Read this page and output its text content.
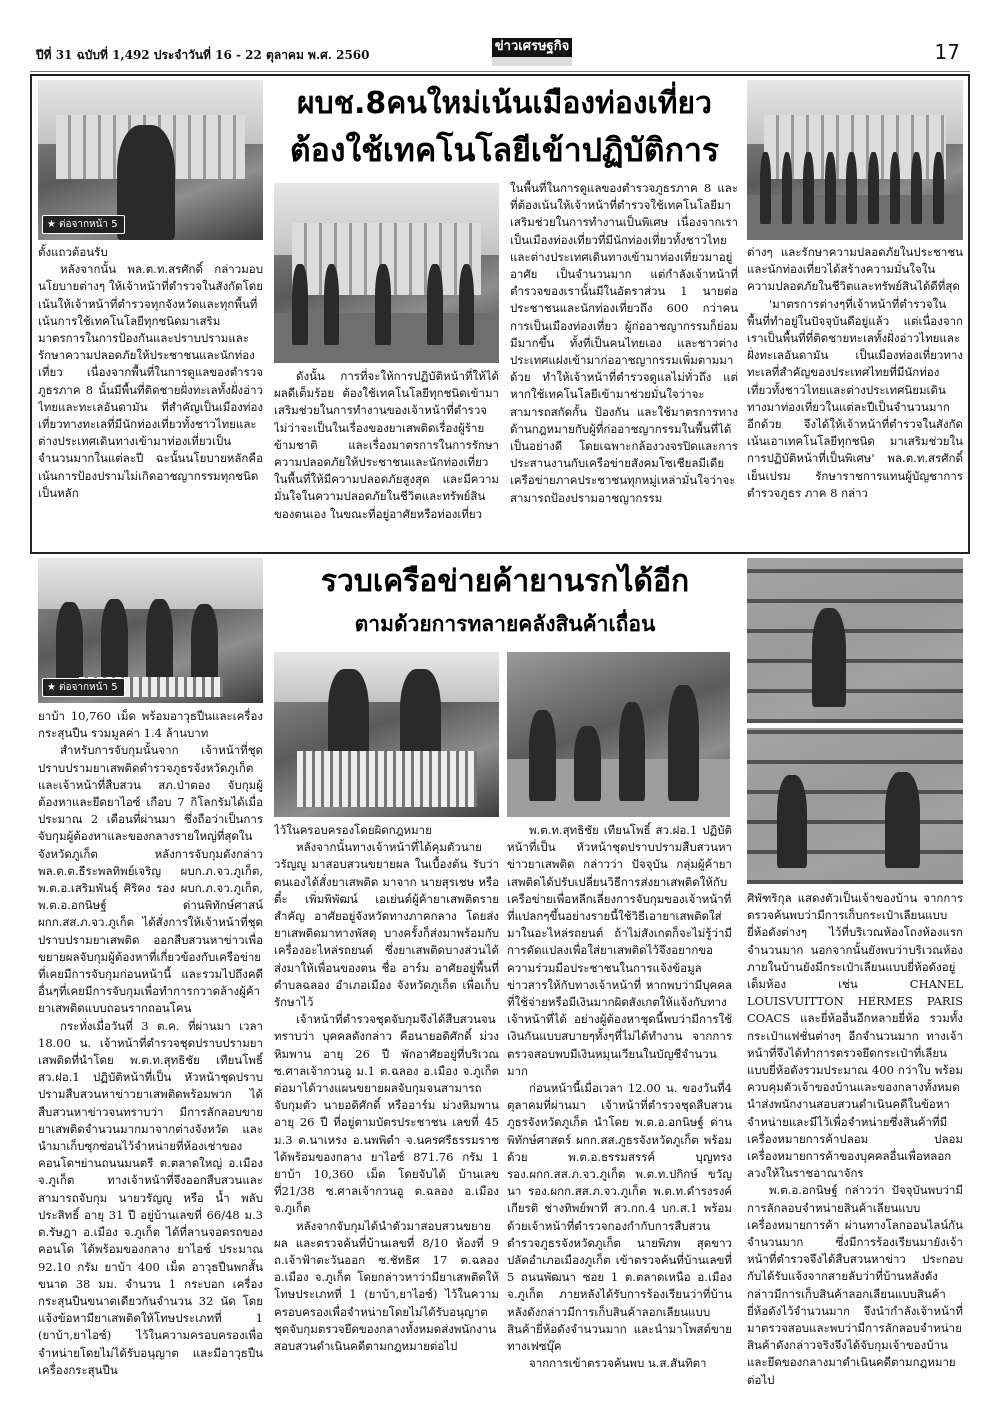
ปีที่ 31 ฉบับที่ 1,492 ประจำวันที่ 16 - 22 ตุลาคม พ.ศ. 2560
ข่าวเศรษฐกิจ	17
★ ต่อจากหน้า 5
ผบช.8คนใหม่เน้นเมืองท่องเที่ยว
ต้องใช้เทคโนโลยีเข้าปฏิบัติการ

ตั้งแถวต้อนรับ

หลังจากนั้น พล.ต.ท.สรศักดิ์ กล่าวมอบนโยบายต่างๆ ให้เจ้าหน้าที่ตำรวจในสังกัดโดยเน้นให้เจ้าหน้าที่ตำรวจทุกจังหวัดและทุกพื้นที่เน้นการใช้เทคโนโลยีทุกชนิดมาเสริมมาตรการในการป้องกันและปราบปรามและรักษาความปลอดภัยให้ประชาชนและนักท่องเที่ยว เนื่องจากพื้นที่ในการดูแลของตำรวจภูธรภาค 8 นั้นมีพื้นที่ติดชายฝั่งทะเลทั้งฝั่งอ่าวไทยและทะเลอันดามัน ที่สำคัญเป็นเมืองท่องเที่ยวทางทะเลที่มีนักท่องเที่ยวทั้งชาวไทยและต่างประเทศเดินทางเข้ามาท่องเที่ยวเป็นจำนวนมากในแต่ละปี ฉะนั้นนโยบายหลักคือเน้นการป้องปรามไม่เกิดอาชญากรรมทุกชนิดเป็นหลัก

ดังนั้น การที่จะให้การปฏิบัติหน้าที่ให้ได้ผลดีเต็มร้อย ต้องใช้เทคโนโลยีทุกชนิดเข้ามาเสริมช่วยในการทำงานของเจ้าหน้าที่ตำรวจ ไม่ว่าจะเป็นในเรื่องของยาเสพติดเรื่องผู้ร้ายข้ามชาติ และเรื่องมาตรการในการรักษาความปลอดภัยให้ประชาชนและนักท่องเที่ยวในพื้นที่ให้มีความปลอดภัยสูงสุด และมีความมั่นใจในความปลอดภัยในชีวิตและทรัพย์สินของตนเอง ในขณะที่อยู่อาศัยหรือท่องเที่ยว

ในพื้นที่ในการดูแลของตำรวจภูธรภาค 8 และที่ต้องเน้นให้เจ้าหน้าที่ตำรวจใช้เทคโนโลยีมาเสริมช่วยในการทำงานเป็นพิเศษ เนื่องจากเราเป็นเมืองท่องเที่ยวที่มีนักท่องเที่ยวทั้งชาวไทยและต่างประเทศเดินทางเข้ามาท่องเที่ยวมาอยู่อาศัย เป็นจำนวนมาก แต่กำลังเจ้าหน้าที่ตำรวจของเรานั้นมีในอัตราส่วน 1 นายต่อประชาชนและนักท่องเที่ยวถึง 600 กว่าคน การเป็นเมืองท่องเที่ยว ผู้ก่ออาชญากรรมก็ย่อมมีมากขึ้น ทั้งที่เป็นคนไทยเอง และชาวต่างประเทศแฝงเข้ามาก่ออาชญากรรมเพิ่มตามมาด้วย ทำให้เจ้าหน้าที่ตำรวจดูแลไม่ทั่วถึง แต่หากใช้เทคโนโลยีเข้ามาช่วยมั่นใจว่าจะสามารถสกัดกั้น ป้องกัน และใช้มาตรการทางด้านกฎหมายกับผู้ที่ก่ออาชญากรรมในพื้นที่ได้เป็นอย่างดี โดยเฉพาะกล้องวงจรปิดและการประสานงานกับเครือข่ายสังคมโซเชียลมีเดีย เครือข่ายภาคประชาชนทุกหมู่เหล่ามั่นใจว่าจะสามารถป้องปรามอาชญากรรม

ต่างๆ และรักษาความปลอดภัยในประชาชนและนักท่องเที่ยวได้สร้างความมั่นใจในความปลอดภัยในชีวิตและทรัพย์สินได้ดีที่สุด

'มาตรการต่างๆที่เจ้าหน้าที่ตำรวจในพื้นที่ทำอยู่ในปัจจุบันดีอยู่แล้ว แต่เนื่องจากเราเป็นพื้นที่ที่ติดชายทะเลทั้งฝั่งอ่าวไทยและฝั่งทะเลอันดามัน เป็นเมืองท่องเที่ยวทางทะเลที่สำคัญของประเทศไทยที่มีนักท่องเที่ยวทั้งชาวไทยและต่างประเทศนิยมเดินทางมาท่องเที่ยวในแต่ละปีเป็นจำนวนมากอีกด้วย จึงได้ให้เจ้าหน้าที่ตำรวจในสังกัดเน้นเอาเทคโนโลยีทุกชนิด มาเสริมช่วยในการปฏิบัติหน้าที่เป็นพิเศษ' พล.ต.ท.สรศักดิ์ เย็นเปรม รักษาราชการแทนผู้บัญชาการตำรวจภูธร ภาค 8 กล่าว

★ ต่อจากหน้า 5
รวบเครือข่ายค้ายานรกได้อีก
ตามด้วยการทลายคลังสินค้าเถื่อน

ยาบ้า 10,760 เม็ด พร้อมอาวุธปืนและเครื่องกระสุนปืน รวมมูลค่า 1.4 ล้านบาท

สำหรับการจับกุมนั้นจาก เจ้าหน้าที่ชุดปราบปรามยาเสพติดตำรวจภูธรจังหวัดภูเก็ตและเจ้าหน้าที่สืบสวน สภ.ป่าตอง จับกุมผู้ต้องหาและยึดยาไอซ์ เกือบ 7 กิโลกรัมได้เมื่อประมาณ 2 เดือนที่ผ่านมา ซึ่งถือว่าเป็นการจับกุมผู้ต้องหาและของกลางรายใหญ่ที่สุดในจังหวัดภูเก็ต หลังการจับกุมดังกล่าว พล.ต.ต.ธีระพลทิพย์เจริญ ผบก.ภ.จว.ภูเก็ต, พ.ต.อ.เสริมพันธุ์ ศิริคง รอง ผบก.ภ.จว.ภูเก็ต, พ.ต.อ.อกนิษฐ์ ด่านพิทักษ์ศาสน์ ผกก.สส.ภ.จว.ภูเก็ต ได้สั่งการให้เจ้าหน้าที่ชุดปราบปรามยาเสพติด ออกสืบสวนหาข่าวเพื่อขยายผลจับกุมผู้ต้องหาที่เกี่ยวข้องกับเครือข่ายที่เคยมีการจับกุมก่อนหน้านี้ และรวมไปถึงคดีอื่นๆที่เคยมีการจับกุมเพื่อทำการกวาดล้างผู้ค้ายาเสพติดแบบถอนรากถอนโคน

กระทั่งเมื่อวันที่ 3 ต.ค. ที่ผ่านมา เวลา 18.00 น. เจ้าหน้าที่ตำรวจชุดปราบปรามยาเสพติดที่นำโดย พ.ต.ท.สุทธิชัย เทียนโพธิ์ สว.ฝอ.1 ปฏิบัติหน้าที่เป็น หัวหน้าชุดปราบปรามสืบสวนหาข่าวยาเสพติดพร้อมพวก ได้สืบสวนหาข่าวจนทราบว่า มีการลักลอบขายยาเสพติดจำนวนมากมาจากต่างจังหวัด และนำมาเก็บซุกซ่อนไว้จำหน่ายที่ห้องเช่าของคอนโดฯย่านถนนมนตรี ต.ตลาดใหญ่ อ.เมือง จ.ภูเก็ต ทางเจ้าหน้าที่จึงออกสืบสวนและสามารถจับกุม นายวรัญญู หรือ น้ำ พลับประสิทธิ์ อายุ 31 ปี อยู่บ้านเลขที่ 66/48 ม.3 ต.รัษฎา อ.เมือง จ.ภูเก็ต ได้ที่ลานจอดรถของคอนโด ได้พร้อมของกลาง ยาไอซ์ ประมาณ 92.10 กรัม ยาบ้า 400 เม็ด อาวุธปืนพกสั้นขนาด 38 มม. จำนวน 1 กระบอก เครื่องกระสุนปืนขนาดเดียวกันจำนวน 32 นัด โดยแจ้งข้อหามียาเสพติดให้โทษประเภทที่ 1 (ยาบ้า,ยาไอซ์) ไว้ในความครอบครองเพื่อจำหน่ายโดยไม่ได้รับอนุญาต และมีอาวุธปืน เครื่องกระสุนปืน

ไว้ในครอบครองโดยผิดกฎหมาย

หลังจากนั้นทางเจ้าหน้าที่ได้คุมตัวนายวรัญญู มาสอบสวนขยายผล ในเบื้องต้น รับว่าตนเองได้สั่งยาเสพติด มาจาก นายสุรเชษ หรือ ตี๋ะ เพิ่มพิพัฒน์ เอเย่นต์ผู้ค้ายาเสพติดรายสำคัญ อาศัยอยู่จังหวัดทางภาคกลาง โดยส่งยาเสพติดมาทางพัสดุ บางครั้งก็ส่งมาพร้อมกับเครื่องอะไหล่รถยนต์ ซึ่งยาเสพติดบางส่วนได้ส่งมาให้เพื่อนของตน ชื่อ อาร์ม อาศัยอยู่พื้นที่ตำบลฉลอง อำเภอเมือง จังหวัดภูเก็ต เพื่อเก็บรักษาไว้

เจ้าหน้าที่ตำรวจชุดจับกุมจึงได้สืบสวนจนทราบว่า บุคคลดังกล่าว คือนายอดิศักดิ์ ม่วงหิมพาน อายุ 26 ปี พักอาศัยอยู่ที่บริเวณ ซ.ศาลเจ้ากวนอู ม.1 ต.ฉลอง อ.เมือง จ.ภูเก็ต ต่อมาได้วางแผนขยายผลจับกุมจนสามารถจับกุมตัว นายอดิศักดิ์ หรืออาร์ม ม่วงหิมพาน อายุ 26 ปี ที่อยู่ตามบัตรประชาชน เลขที่ 45 ม.3 ต.นาเหรง อ.นพพิตำ จ.นครศรีธรรมราช ได้พร้อมของกลาง ยาไอซ์ 871.76 กรัม 1 ยาบ้า 10,360 เม็ด โดยจับได้ บ้านเลขที่21/38 ซ.ศาลเจ้ากวนอู ต.ฉลอง อ.เมือง จ.ภูเก็ต

หลังจากจับกุมได้นำตัวมาสอบสวนขยายผล และตรวจค้นที่บ้านเลขที่ 8/10 ห้องที่ 9 ถ.เจ้าฟ้าตะวันออก ซ.ชัทธิศ 17 ต.ฉลอง อ.เมือง จ.ภูเก็ต โดยกล่าวหาว่ามียาเสพติดให้โทษประเภทที่ 1 (ยาบ้า,ยาไอซ์) ไว้ในความครอบครองเพื่อจำหน่ายโดยไม่ได้รับอนุญาต ชุดจับกุมตรวจยึดของกลางทั้งหมดส่งพนักงานสอบสวนดำเนินคดีตามกฎหมายต่อไป

พ.ต.ท.สุทธิชัย เทียนโพธิ์ สว.ฝอ.1 ปฏิบัติหน้าที่เป็น หัวหน้าชุดปราบปรามสืบสวนหาข่าวยาเสพติด กล่าวว่า ปัจจุบัน กลุ่มผู้ค้ายาเสพติดได้ปรับเปลี่ยนวิธีการส่งยาเสพติดให้กับเครือข่ายเพื่อหลีกเลี่ยงการจับกุมของเจ้าหน้าที่ที่แปลกๆขึ้นอย่างรายนี้ใช้วิธีเอายาเสพติดใส่มาในอะไหล่รถยนต์ ถ้าไม่สังเกตก็จะไม่รู้ว่ามีการดัดแปลงเพื่อใส่ยาเสพติดไว้จึงอยากขอความร่วมมือประชาชนในการแจ้งข้อมูลข่าวสารให้กับทางเจ้าหน้าที่ หากพบว่ามีบุคคลที่ใช้จ่ายหรือมีเงินมากผิดสังเกตให้แจ้งกับทางเจ้าหน้าที่ได้ อย่างผู้ต้องหาชุดนี้พบว่ามีการใช้เงินกันแบบสบายๆทั้งๆที่ไม่ได้ทำงาน จากการตรวจสอบพบมีเงินหมุนเวียนในบัญชีจำนวนมาก

ก่อนหน้านี้เมื่อเวลา 12.00 น. ของวันที่4 ตุลาคมที่ผ่านมา เจ้าหน้าที่ตำรวจชุดสืบสวนภูธรจังหวัดภูเก็ต นำโดย พ.ต.อ.อกนิษฐ์ ด่านพิทักษ์ศาสตร์ ผกก.สส.ภูธรจังหวัดภูเก็ต พร้อมด้วย พ.ต.อ.ธรรมสรรค์ บุญทรง รอง.ผกก.สส.ภ.จว.ภูเก็ต พ.ต.ท.ปกิกษ์ ขวัญนา รอง.ผกก.สส.ภ.จว.ภูเก็ต พ.ต.ท.ดำรงรงค์เกียรติ ช่างทิพย์พาที สว.กก.4 บก.ส.1 พร้อมด้วยเจ้าหน้าที่ตำรวจกองกำกับการสืบสวนตำรวจภูธรจังหวัดภูเก็ต นายพิภพ สุดขาว ปลัดอำเภอเมืองภูเก็ต เข้าตรวจค้นที่บ้านเลขที่ 5 ถนนพัฒนา ซอย 1 ต.ตลาดเหนือ อ.เมือง จ.ภูเก็ต ภายหลังได้รับการร้องเรียนว่าที่บ้านหลังดังกล่าวมีการเก็บสินค้าลอกเลียนแบบสินค้ายี่ห้อดังจำนวนมาก และนำมาโพสต์ขายทางเฟซบุ๊ค

จากการเข้าตรวจค้นพบ น.ส.สันทิตา

ศิพัฑริกุล แสดงตัวเป็นเจ้าของบ้าน จากการตรวจค้นพบว่ามีการเก็บกระเป๋าเลียนแบบยี่ห้อดังต่างๆ ไว้ที่บริเวณห้องโถงห้องแรกจำนวนมาก นอกจากนั้นยังพบว่าบริเวณห้องภายในบ้านยังมีกระเป๋าเลียนแบบยี่ห้อดังอยู่เต็มห้อง เช่น CHANEL LOUISVUITTON HERMES PARIS COACS และยี่ห้ออื่นอีกหลายยี่ห้อ รวมทั้งกระเป๋าแฟชั่นต่างๆ อีกจำนวนมาก ทางเจ้าหน้าที่จึงได้ทำการตรวจยึดกระเป๋าที่เลียนแบบยี่ห้อดังรวมประมาณ 400 กว่าใบ พร้อมควบคุมตัวเจ้าของบ้านและของกลางทั้งหมดนำส่งพนักงานสอบสวนดำเนินคดีในข้อหาจำหน่ายและมีไว้เพื่อจำหน่ายซึ่งสินค้าที่มีเครื่องหมายการค้าปลอม ปลอมเครื่องหมายการค้าของบุคคลอื่นเพื่อหลอกลวงให้ในราชอาณาจักร

พ.ต.อ.อกนิษฐ์ กล่าวว่า ปัจจุบันพบว่ามีการลักลอบจำหน่ายสินค้าเลียนแบบเครื่องหมายการค้า ผ่านทางโลกออนไลน์กันจำนวนมาก ซึ่งมีการร้องเรียนมายังเจ้าหน้าที่ตำรวจจึงได้สืบสวนหาข่าว ประกอบกับได้รับแจ้งจากสายลับว่าที่บ้านหลังดังกล่าวมีการเก็บสินค้าลอกเลียนแบบสินค้ายี่ห้อดังไว้จำนวนมาก จึงนำกำลังเจ้าหน้าที่มาตรวจสอบและพบว่ามีการลักลอบจำหน่ายสินค้าดังกล่าวจริงจึงได้จับกุมเจ้าของบ้านและยึดของกลางมาดำเนินคดีตามกฎหมายต่อไป
